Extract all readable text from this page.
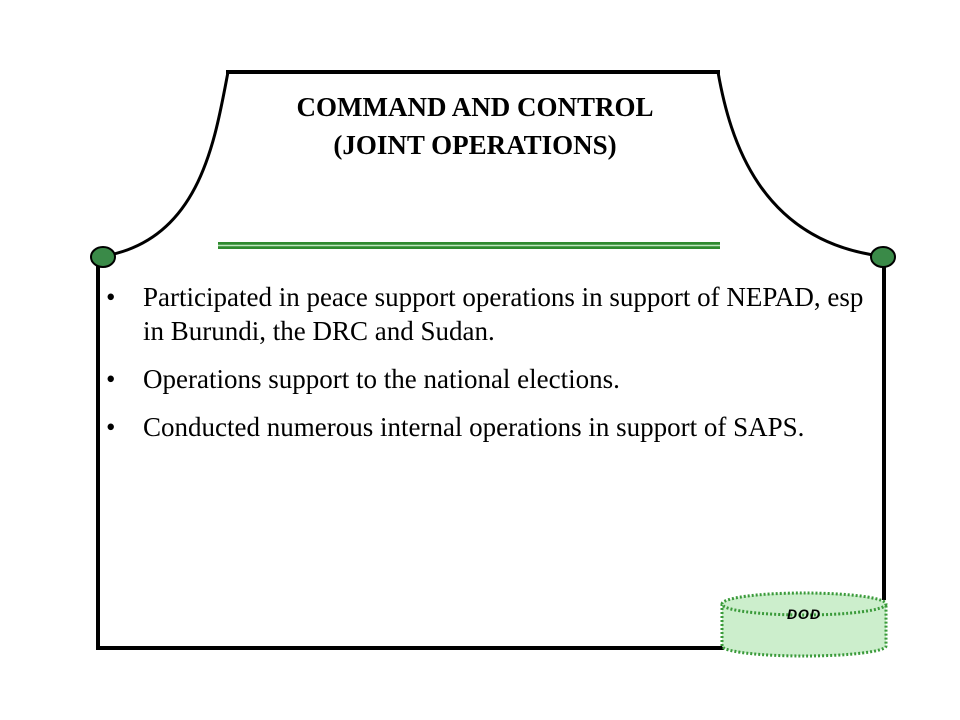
COMMAND AND CONTROL
(JOINT OPERATIONS)
• Participated in peace support operations in support of NEPAD, esp in Burundi, the DRC and Sudan.
• Operations support to the national elections.
• Conducted numerous internal operations in support of SAPS.
DOD
